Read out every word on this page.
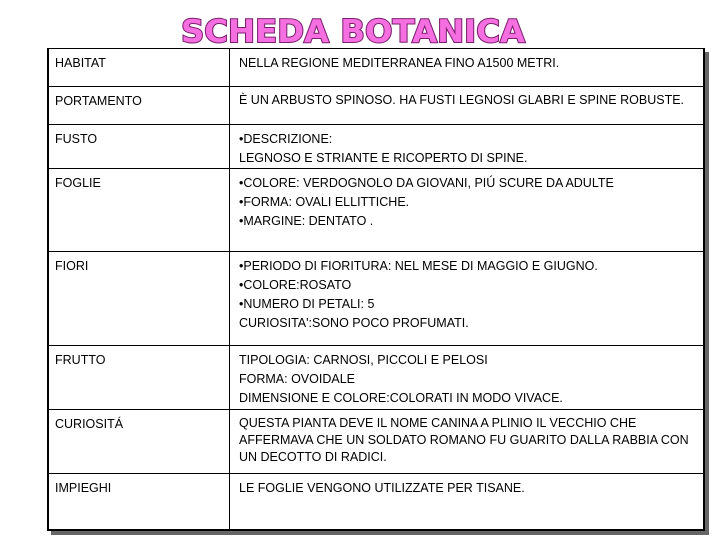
SCHEDA BOTANICA
HABITAT	NELLA REGIONE MEDITERRANEA FINO A1500 METRI.

PORTAMENTO	È UN ARBUSTO SPINOSO. HA FUSTI LEGNOSI GLABRI E SPINE ROBUSTE.

FUSTO	•DESCRIZIONE:
LEGNOSO E STRIANTE E RICOPERTO DI SPINE.

FOGLIE	•COLORE: VERDOGNOLO DA GIOVANI, PIÚ SCURE DA ADULTE
•FORMA: OVALI ELLITTICHE.
•MARGINE: DENTATO .

FIORI	•PERIODO DI FIORITURA: NEL MESE DI MAGGIO E GIUGNO.
•COLORE:ROSATO
•NUMERO DI PETALI: 5
CURIOSITA':SONO POCO PROFUMATI.

FRUTTO	TIPOLOGIA: CARNOSI, PICCOLI E PELOSI
FORMA: OVOIDALE
DIMENSIONE E COLORE:COLORATI IN MODO VIVACE.

CURIOSITÁ	QUESTA PIANTA DEVE IL NOME CANINA A PLINIO IL VECCHIO CHE AFFERMAVA CHE UN SOLDATO ROMANO FU GUARITO DALLA RABBIA CON UN DECOTTO DI RADICI.

IMPIEGHI	LE FOGLIE VENGONO UTILIZZATE PER TISANE.
